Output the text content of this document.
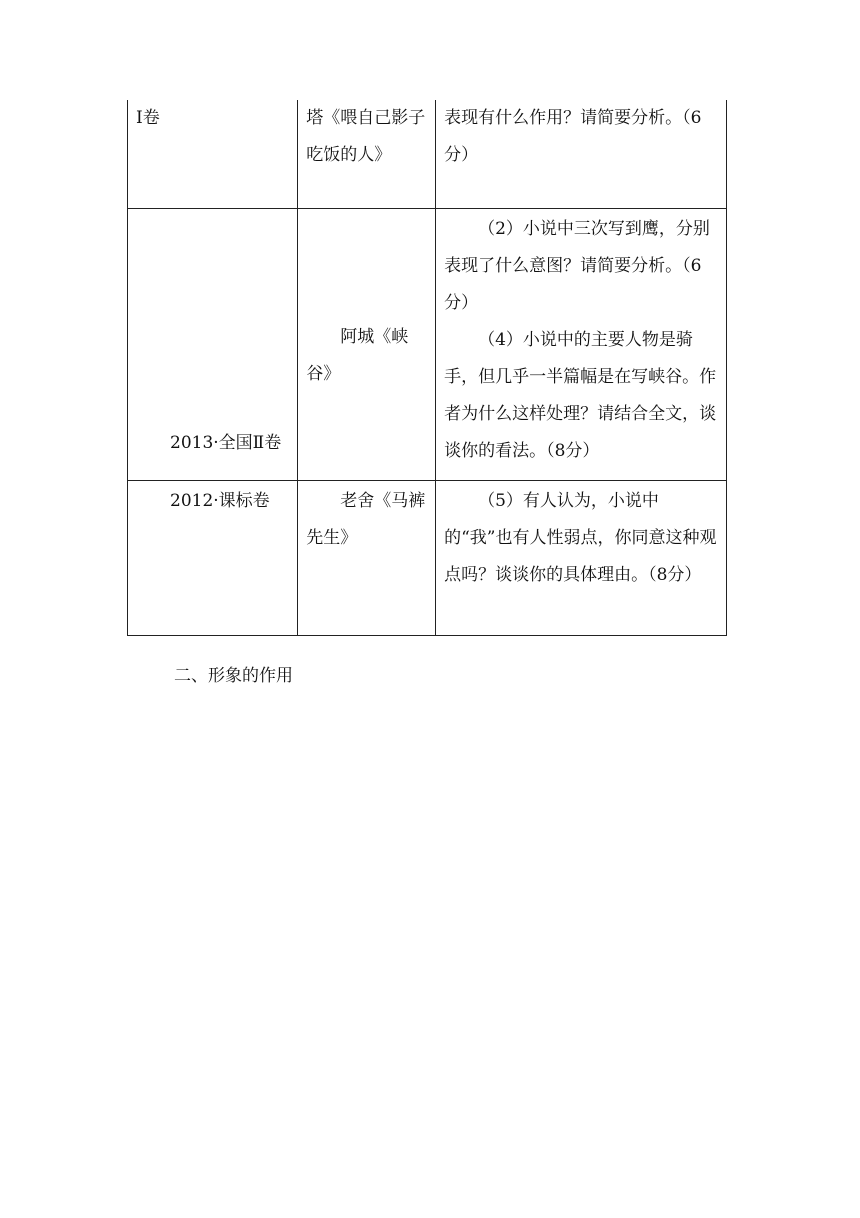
Ⅰ卷	塔《喂自己影子吃饭的人》	表现有什么作用？请简要分析。（6分）

2013·全国Ⅱ卷	阿城《峡谷》	（2）小说中三次写到鹰，分别表现了什么意图？请简要分析。（6分）
（4）小说中的主要人物是骑手，但几乎一半篇幅是在写峡谷。作者为什么这样处理？请结合全文，谈谈你的看法。（8分）

2012·课标卷	老舍《马裤先生》	（5）有人认为，小说中的“我”也有人性弱点，你同意这种观点吗？谈谈你的具体理由。（8分）
二、形象的作用
